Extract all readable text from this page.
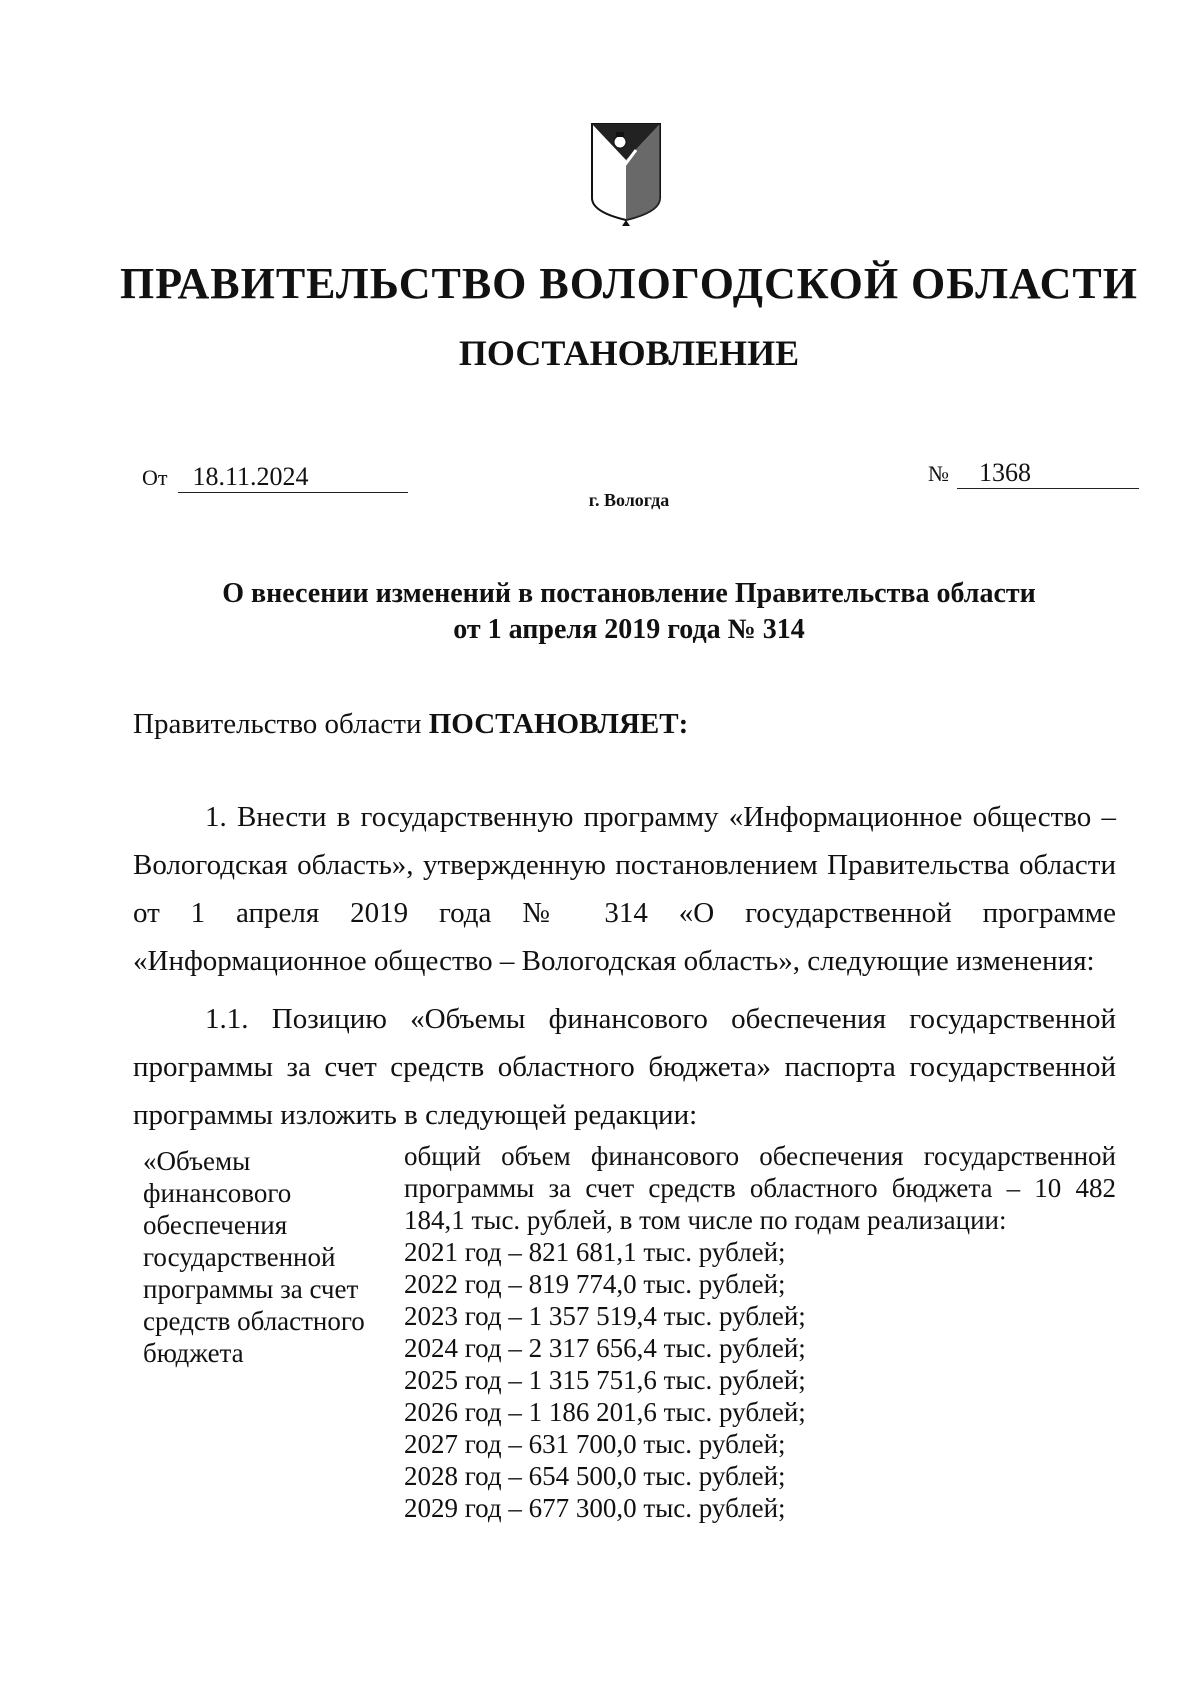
ПРАВИТЕЛЬСТВО ВОЛОГОДСКОЙ ОБЛАСТИ
ПОСТАНОВЛЕНИЕ
От 18.11.2024	№ 1368
г. Вологда
О внесении изменений в постановление Правительства области
от 1 апреля 2019 года № 314
Правительство области ПОСТАНОВЛЯЕТ:
1. Внести в государственную программу «Информационное общество – Вологодская область», утвержденную постановлением Правительства области от 1 апреля 2019 года № 314 «О государственной программе «Информационное общество – Вологодская область», следующие изменения:
1.1. Позицию «Объемы финансового обеспечения государственной программы за счет средств областного бюджета» паспорта государственной программы изложить в следующей редакции:
«Объемы финансового обеспечения государственной программы за счет средств областного бюджета
общий объем финансового обеспечения государственной программы за счет средств областного бюджета – 10 482 184,1 тыс. рублей, в том числе по годам реализации:
2021 год – 821 681,1 тыс. рублей;
2022 год – 819 774,0 тыс. рублей;
2023 год – 1 357 519,4 тыс. рублей;
2024 год – 2 317 656,4 тыс. рублей;
2025 год – 1 315 751,6 тыс. рублей;
2026 год – 1 186 201,6 тыс. рублей;
2027 год – 631 700,0 тыс. рублей;
2028 год – 654 500,0 тыс. рублей;
2029 год – 677 300,0 тыс. рублей;
